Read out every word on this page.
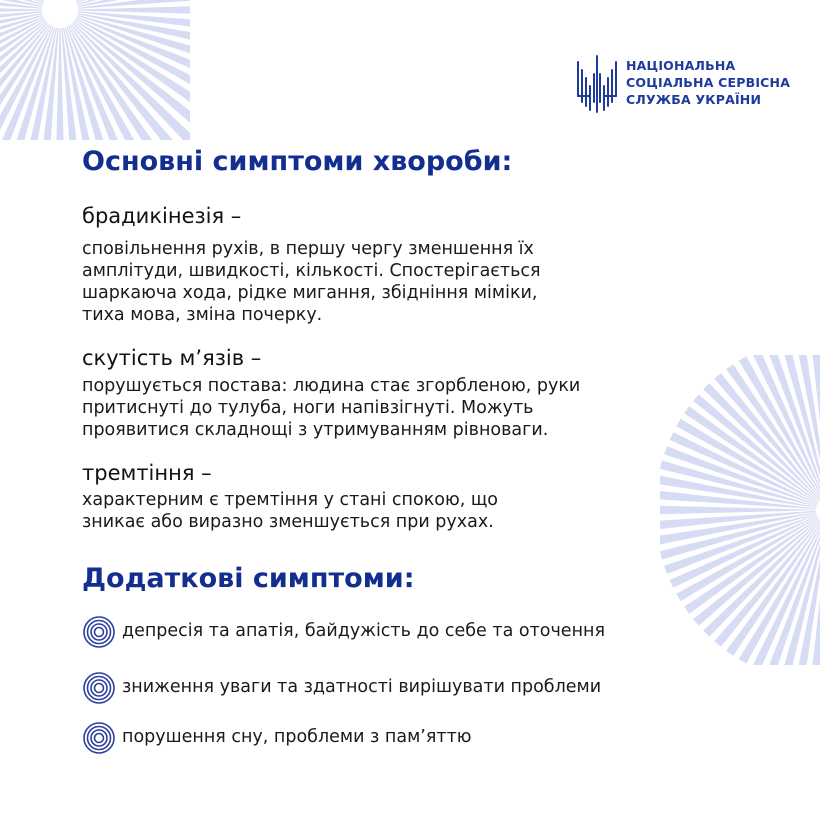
НАЦІОНАЛЬНА
СОЦІАЛЬНА СЕРВІСНА
СЛУЖБА УКРАЇНИ
Основні симптоми хвороби:
брадикінезія –
сповільнення рухів, в першу чергу зменшення їх
амплітуди, швидкості, кількості. Спостерігається
шаркаюча хода, рідке мигання, збідніння міміки,
тиха мова, зміна почерку.
скутість м’язів –
порушується постава: людина стає згорбленою, руки
притиснуті до тулуба, ноги напівзігнуті. Можуть
проявитися складнощі з утримуванням рівноваги.
тремтіння –
характерним є тремтіння у стані спокою, що
зникає або виразно зменшується при рухах.
Додаткові симптоми:
депресія та апатія, байдужість до себе та оточення
зниження уваги та здатності вирішувати проблеми
порушення сну, проблеми з пам’яттю
